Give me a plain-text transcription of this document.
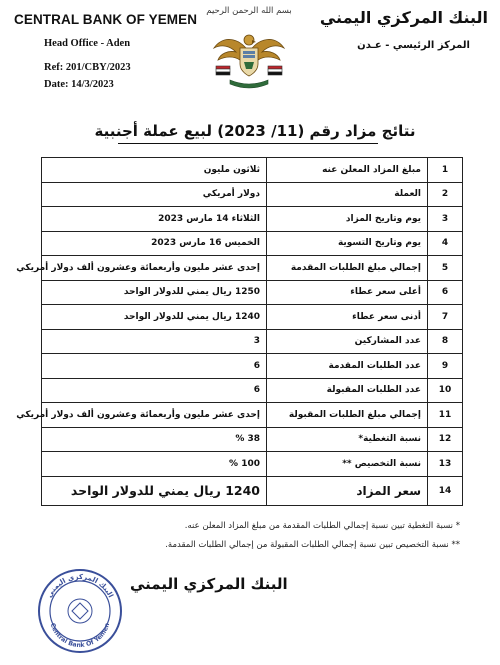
CENTRAL BANK OF YEMEN
Head Office - Aden
Ref: 201/CBY/2023
Date: 14/3/2023
البنك المركزي اليمني
المركز الرئيسي - عـدن
بسم الله الرحمن الرحيم
نتائج مزاد رقم (11/ 2023) لبيع عملة أجنبية
ثلاثون مليون	مبلغ المزاد المعلن عنه	1
دولار أمريكي	العملة	2
الثلاثاء 14 مارس 2023	يوم وتاريخ المزاد	3
الخميس 16 مارس 2023	يوم وتاريخ التسوية	4
إحدى عشر مليون وأربعمائة وعشرون ألف دولار أمريكي	إجمالي مبلغ الطلبات المقدمة	5
1250 ريال يمني للدولار الواحد	أعلى سعر عطاء	6
1240 ريال يمني للدولار الواحد	أدنى سعر عطاء	7
3	عدد المشاركين	8
6	عدد الطلبات المقدمة	9
6	عدد الطلبات المقبولة	10
إحدى عشر مليون وأربعمائة وعشرون ألف دولار أمريكي	إجمالي مبلغ الطلبات المقبولة	11
38 %	نسبة التغطية*	12
100 %	نسبة التخصيص **	13
1240 ريال يمني للدولار الواحد	سعر المزاد	14
* نسبة التغطية تبين نسبة إجمالي الطلبات المقدمة من مبلغ المزاد المعلن عنه.
** نسبة التخصيص تبين نسبة إجمالي الطلبات المقبولة من إجمالي الطلبات المقدمة.
البنك المركزي اليمني
Central Bank Of Yemen
البنك المركزي اليمني
